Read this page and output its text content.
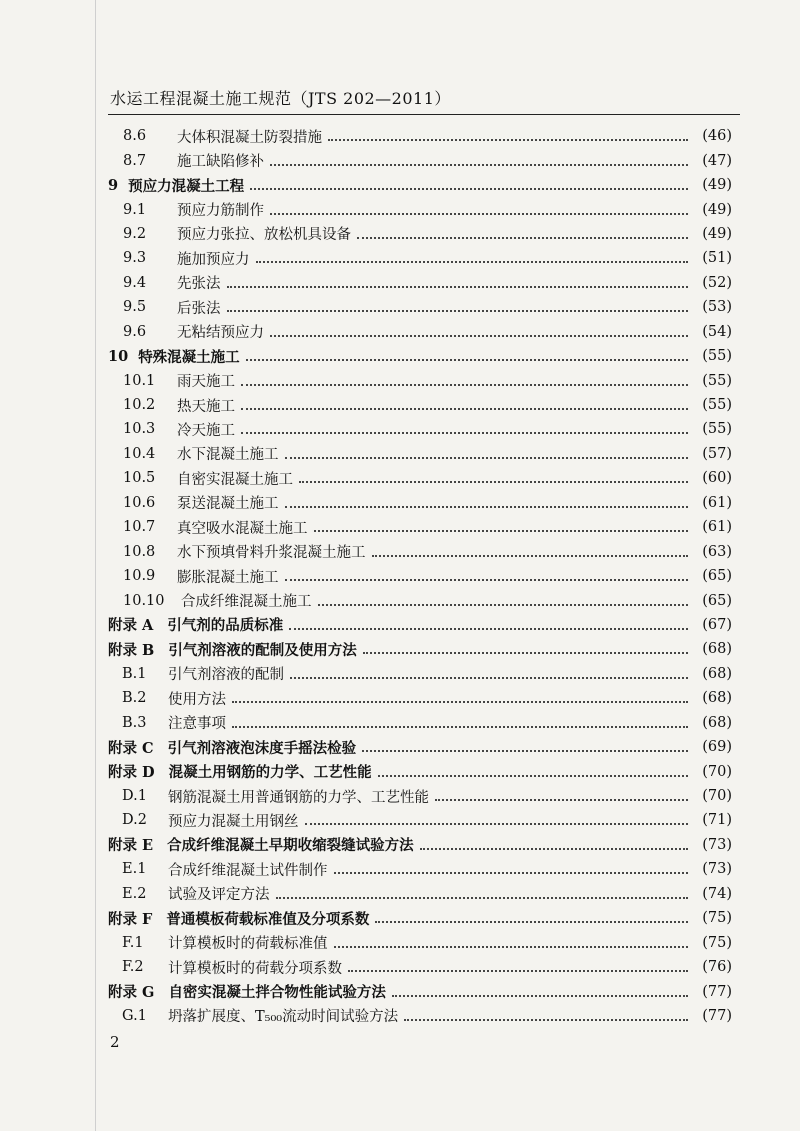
水运工程混凝土施工规范（JTS 202—2011）
8.6	大体积混凝土防裂措施	(46)
8.7	施工缺陷修补	(47)
9 预应力混凝土工程	(49)
9.1	预应力筋制作	(49)
9.2	预应力张拉、放松机具设备	(49)
9.3	施加预应力	(51)
9.4	先张法	(52)
9.5	后张法	(53)
9.6	无粘结预应力	(54)
10 特殊混凝土施工	(55)
10.1	雨天施工	(55)
10.2	热天施工	(55)
10.3	冷天施工	(55)
10.4	水下混凝土施工	(57)
10.5	自密实混凝土施工	(60)
10.6	泵送混凝土施工	(61)
10.7	真空吸水混凝土施工	(61)
10.8	水下预填骨料升浆混凝土施工	(63)
10.9	膨胀混凝土施工	(65)
10.10	合成纤维混凝土施工	(65)
附录 A 引气剂的品质标准	(67)
附录 B 引气剂溶液的配制及使用方法	(68)
B.1	引气剂溶液的配制	(68)
B.2	使用方法	(68)
B.3	注意事项	(68)
附录 C 引气剂溶液泡沫度手摇法检验	(69)
附录 D 混凝土用钢筋的力学、工艺性能	(70)
D.1	钢筋混凝土用普通钢筋的力学、工艺性能	(70)
D.2	预应力混凝土用钢丝	(71)
附录 E 合成纤维混凝土早期收缩裂缝试验方法	(73)
E.1	合成纤维混凝土试件制作	(73)
E.2	试验及评定方法	(74)
附录 F 普通模板荷载标准值及分项系数	(75)
F.1	计算模板时的荷载标准值	(75)
F.2	计算模板时的荷载分项系数	(76)
附录 G 自密实混凝土拌合物性能试验方法	(77)
G.1	坍落扩展度、T₅₀₀流动时间试验方法	(77)
2
